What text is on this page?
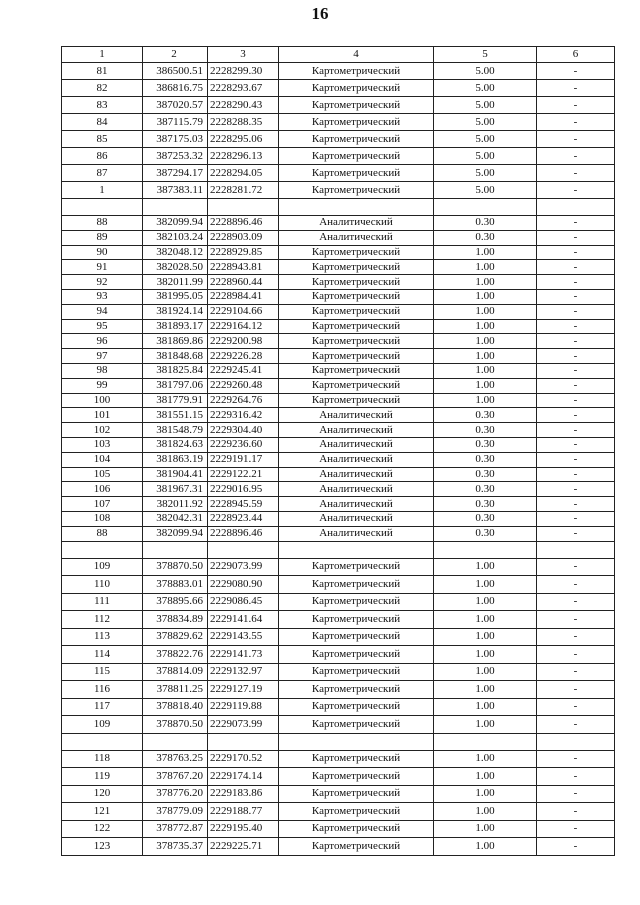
16
1	2	3	4	5	6
81	386500.51	2228299.30	Картометрический	5.00	-
82	386816.75	2228293.67	Картометрический	5.00	-
83	387020.57	2228290.43	Картометрический	5.00	-
84	387115.79	2228288.35	Картометрический	5.00	-
85	387175.03	2228295.06	Картометрический	5.00	-
86	387253.32	2228296.13	Картометрический	5.00	-
87	387294.17	2228294.05	Картометрический	5.00	-
1	387383.11	2228281.72	Картометрический	5.00	-

88	382099.94	2228896.46	Аналитический	0.30	-
89	382103.24	2228903.09	Аналитический	0.30	-
90	382048.12	2228929.85	Картометрический	1.00	-
91	382028.50	2228943.81	Картометрический	1.00	-
92	382011.99	2228960.44	Картометрический	1.00	-
93	381995.05	2228984.41	Картометрический	1.00	-
94	381924.14	2229104.66	Картометрический	1.00	-
95	381893.17	2229164.12	Картометрический	1.00	-
96	381869.86	2229200.98	Картометрический	1.00	-
97	381848.68	2229226.28	Картометрический	1.00	-
98	381825.84	2229245.41	Картометрический	1.00	-
99	381797.06	2229260.48	Картометрический	1.00	-
100	381779.91	2229264.76	Картометрический	1.00	-
101	381551.15	2229316.42	Аналитический	0.30	-
102	381548.79	2229304.40	Аналитический	0.30	-
103	381824.63	2229236.60	Аналитический	0.30	-
104	381863.19	2229191.17	Аналитический	0.30	-
105	381904.41	2229122.21	Аналитический	0.30	-
106	381967.31	2229016.95	Аналитический	0.30	-
107	382011.92	2228945.59	Аналитический	0.30	-
108	382042.31	2228923.44	Аналитический	0.30	-
88	382099.94	2228896.46	Аналитический	0.30	-

109	378870.50	2229073.99	Картометрический	1.00	-
110	378883.01	2229080.90	Картометрический	1.00	-
111	378895.66	2229086.45	Картометрический	1.00	-
112	378834.89	2229141.64	Картометрический	1.00	-
113	378829.62	2229143.55	Картометрический	1.00	-
114	378822.76	2229141.73	Картометрический	1.00	-
115	378814.09	2229132.97	Картометрический	1.00	-
116	378811.25	2229127.19	Картометрический	1.00	-
117	378818.40	2229119.88	Картометрический	1.00	-
109	378870.50	2229073.99	Картометрический	1.00	-

118	378763.25	2229170.52	Картометрический	1.00	-
119	378767.20	2229174.14	Картометрический	1.00	-
120	378776.20	2229183.86	Картометрический	1.00	-
121	378779.09	2229188.77	Картометрический	1.00	-
122	378772.87	2229195.40	Картометрический	1.00	-
123	378735.37	2229225.71	Картометрический	1.00	-
